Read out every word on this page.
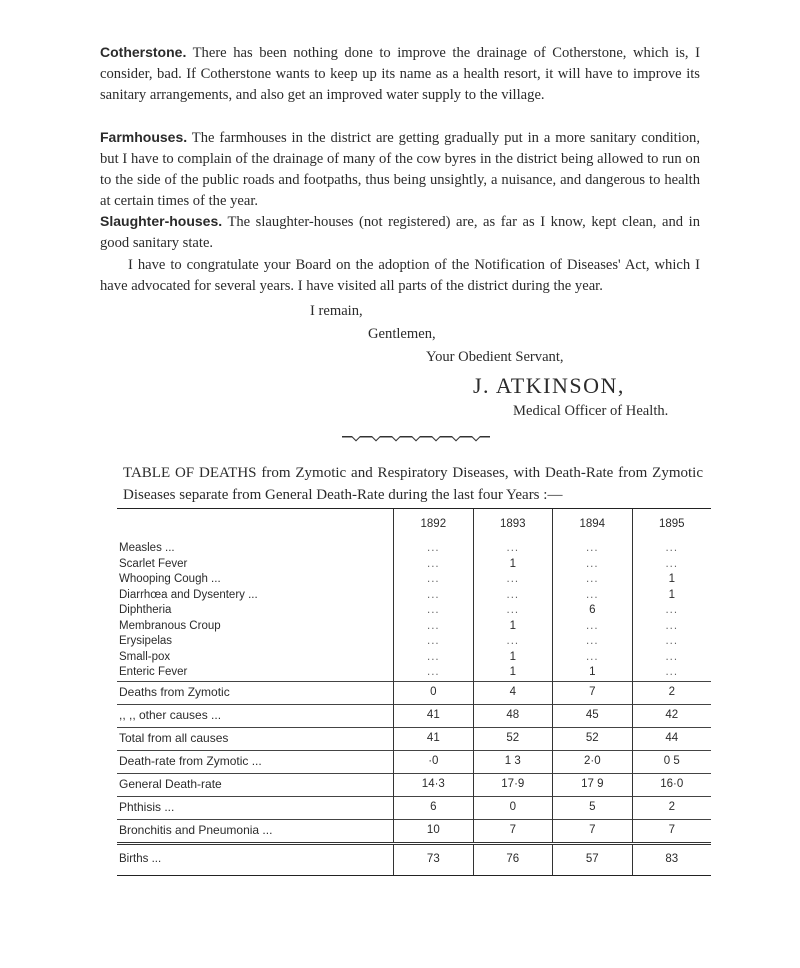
Cotherstone. There has been nothing done to improve the drainage of Cotherstone, which is, I consider, bad. If Cotherstone wants to keep up its name as a health resort, it will have to improve its sanitary arrangements, and also get an improved water supply to the village.

Farmhouses. The farmhouses in the district are getting gradually put in a more sanitary condition, but I have to complain of the drainage of many of the cow byres in the district being allowed to run on to the side of the public roads and footpaths, thus being unsightly, a nuisance, and dangerous to health at certain times of the year.

Slaughter-houses. The slaughter-houses (not registered) are, as far as I know, kept clean, and in good sanitary state.

I have to congratulate your Board on the adoption of the Notification of Diseases' Act, which I have advocated for several years. I have visited all parts of the district during the year.

I remain,
Gentlemen,
Your Obedient Servant,
J. ATKINSON,
Medical Officer of Health.

TABLE OF DEATHS from Zymotic and Respiratory Diseases, with Death-Rate from Zymotic Diseases separate from General Death-Rate during the last four Years :—

	1892	1893	1894	1895
Measles ...	...	...	...	...
Scarlet Fever	...	1	...	...
Whooping Cough ...	...	...	...	1
Diarrhœa and Dysentery ...	...	...	...	1
Diphtheria	...	...	6	...
Membranous Croup	...	1	...	...
Erysipelas	...	...	...	...
Small-pox	...	1	...	...
Enteric Fever	...	1	1	...
Deaths from Zymotic	0	4	7	2
,, ,, other causes ...	41	48	45	42
Total from all causes	41	52	52	44
Death-rate from Zymotic ...	·0	1 3	2·0	0 5
General Death-rate	14·3	17·9	17 9	16·0
Phthisis ...	6	0	5	2
Bronchitis and Pneumonia ...	10	7	7	7
Births ...	73	76	57	83
